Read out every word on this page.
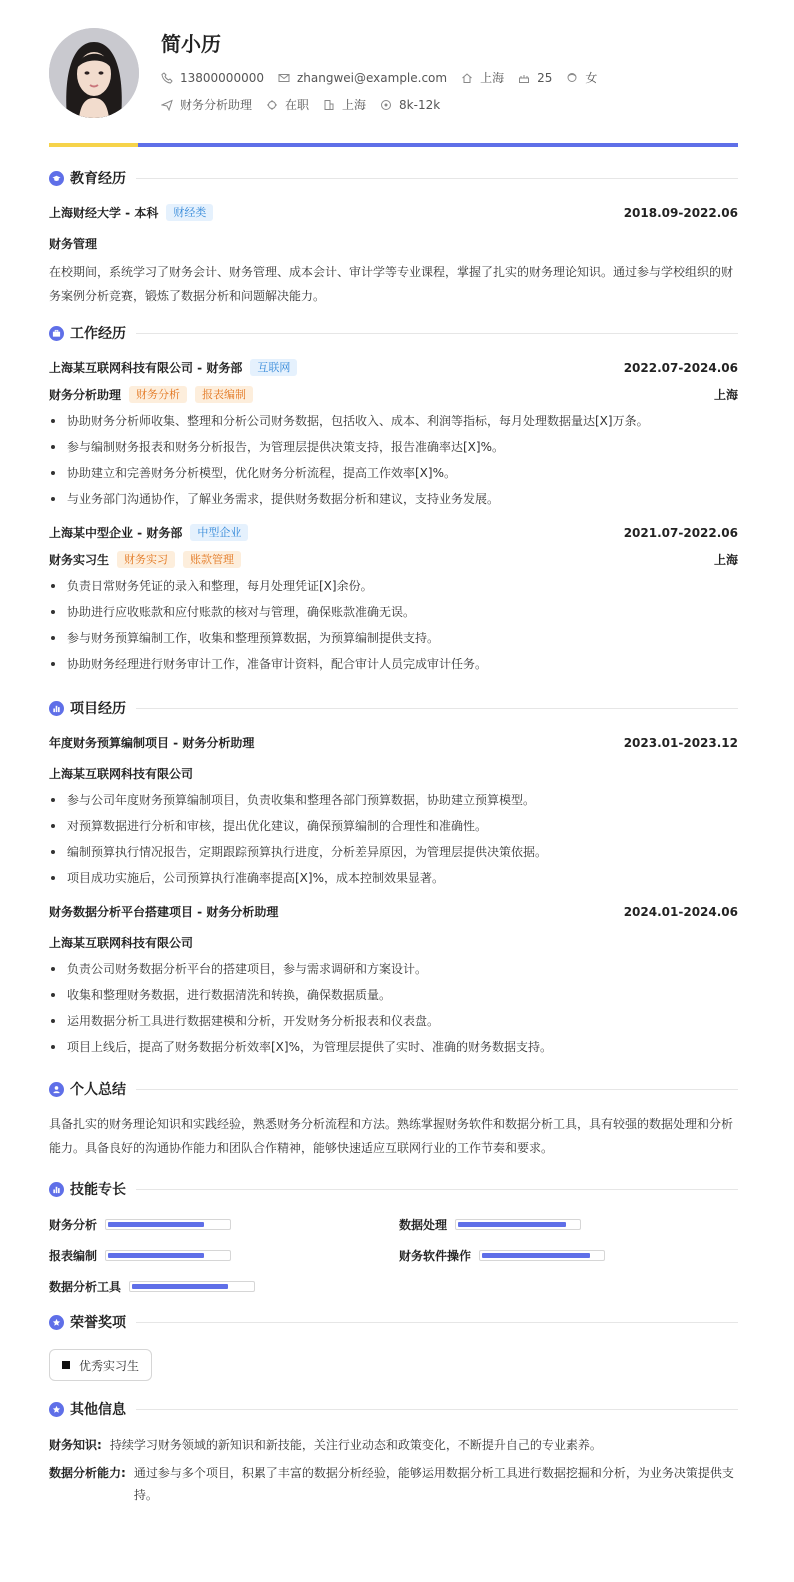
简小历
13800000000	zhangwei@example.com	上海	25	女
财务分析助理	在职	上海	8k-12k
教育经历
上海财经大学 - 本科	财经类	2018.09-2022.06
财务管理
在校期间，系统学习了财务会计、财务管理、成本会计、审计学等专业课程，掌握了扎实的财务理论知识。通过参与学校组织的财务案例分析竞赛，锻炼了数据分析和问题解决能力。
工作经历
上海某互联网科技有限公司 - 财务部	互联网	2022.07-2024.06
财务分析助理	财务分析	报表编制	上海
协助财务分析师收集、整理和分析公司财务数据，包括收入、成本、利润等指标，每月处理数据量达[X]万条。
参与编制财务报表和财务分析报告，为管理层提供决策支持，报告准确率达[X]%。
协助建立和完善财务分析模型，优化财务分析流程，提高工作效率[X]%。
与业务部门沟通协作，了解业务需求，提供财务数据分析和建议，支持业务发展。
上海某中型企业 - 财务部	中型企业	2021.07-2022.06
财务实习生	财务实习	账款管理	上海
负责日常财务凭证的录入和整理，每月处理凭证[X]余份。
协助进行应收账款和应付账款的核对与管理，确保账款准确无误。
参与财务预算编制工作，收集和整理预算数据，为预算编制提供支持。
协助财务经理进行财务审计工作，准备审计资料，配合审计人员完成审计任务。
项目经历
年度财务预算编制项目 - 财务分析助理	2023.01-2023.12
上海某互联网科技有限公司
参与公司年度财务预算编制项目，负责收集和整理各部门预算数据，协助建立预算模型。
对预算数据进行分析和审核，提出优化建议，确保预算编制的合理性和准确性。
编制预算执行情况报告，定期跟踪预算执行进度，分析差异原因，为管理层提供决策依据。
项目成功实施后，公司预算执行准确率提高[X]%，成本控制效果显著。
财务数据分析平台搭建项目 - 财务分析助理	2024.01-2024.06
上海某互联网科技有限公司
负责公司财务数据分析平台的搭建项目，参与需求调研和方案设计。
收集和整理财务数据，进行数据清洗和转换，确保数据质量。
运用数据分析工具进行数据建模和分析，开发财务分析报表和仪表盘。
项目上线后，提高了财务数据分析效率[X]%，为管理层提供了实时、准确的财务数据支持。
个人总结
具备扎实的财务理论知识和实践经验，熟悉财务分析流程和方法。熟练掌握财务软件和数据分析工具，具有较强的数据处理和分析能力。具备良好的沟通协作能力和团队合作精神，能够快速适应互联网行业的工作节奏和要求。
技能专长
财务分析	数据处理
报表编制	财务软件操作
数据分析工具
荣誉奖项
优秀实习生
其他信息
财务知识: 持续学习财务领域的新知识和新技能，关注行业动态和政策变化，不断提升自己的专业素养。
数据分析能力: 通过参与多个项目，积累了丰富的数据分析经验，能够运用数据分析工具进行数据挖掘和分析，为业务决策提供支持。
